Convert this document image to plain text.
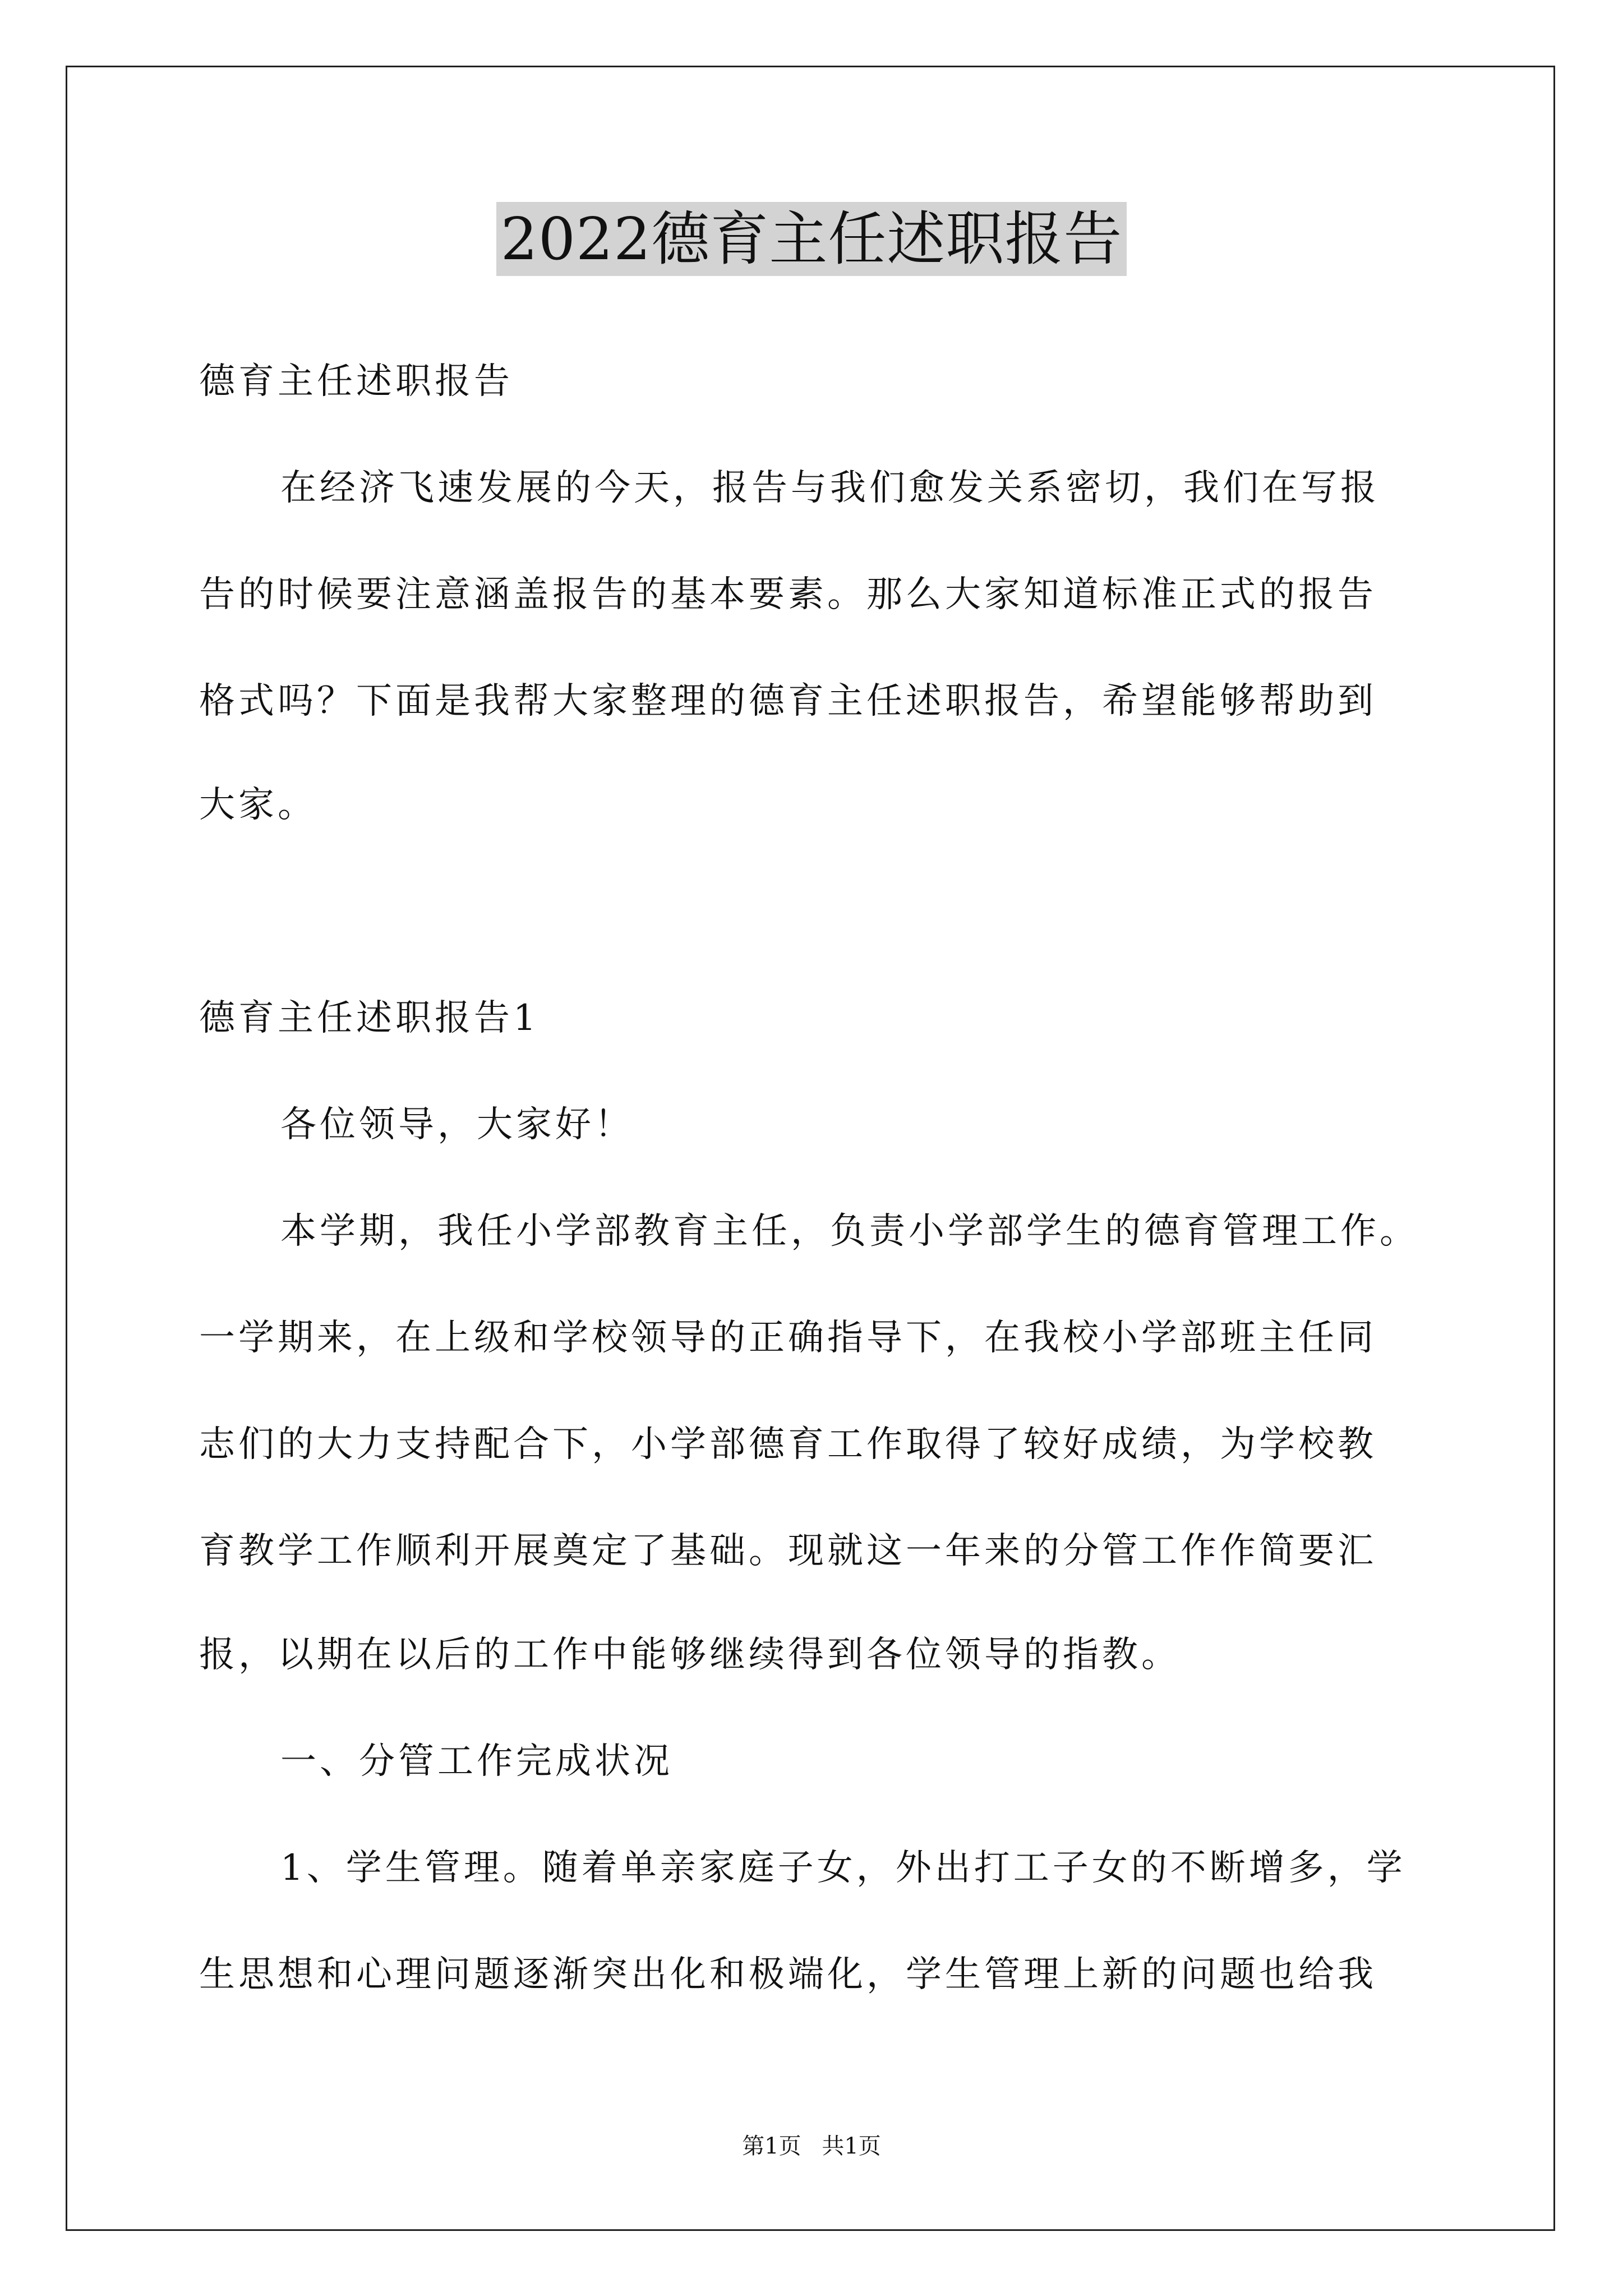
2022德育主任述职报告
德育主任述职报告
在经济飞速发展的今天，报告与我们愈发关系密切，我们在写报
告的时候要注意涵盖报告的基本要素。那么大家知道标准正式的报告
格式吗？下面是我帮大家整理的德育主任述职报告，希望能够帮助到
大家。
德育主任述职报告1
各位领导，大家好！
本学期，我任小学部教育主任，负责小学部学生的德育管理工作。
一学期来，在上级和学校领导的正确指导下，在我校小学部班主任同
志们的大力支持配合下，小学部德育工作取得了较好成绩，为学校教
育教学工作顺利开展奠定了基础。现就这一年来的分管工作作简要汇
报，以期在以后的工作中能够继续得到各位领导的指教。
一、分管工作完成状况
1、学生管理。随着单亲家庭子女，外出打工子女的不断增多，学
生思想和心理问题逐渐突出化和极端化，学生管理上新的问题也给我
第1页 共1页
